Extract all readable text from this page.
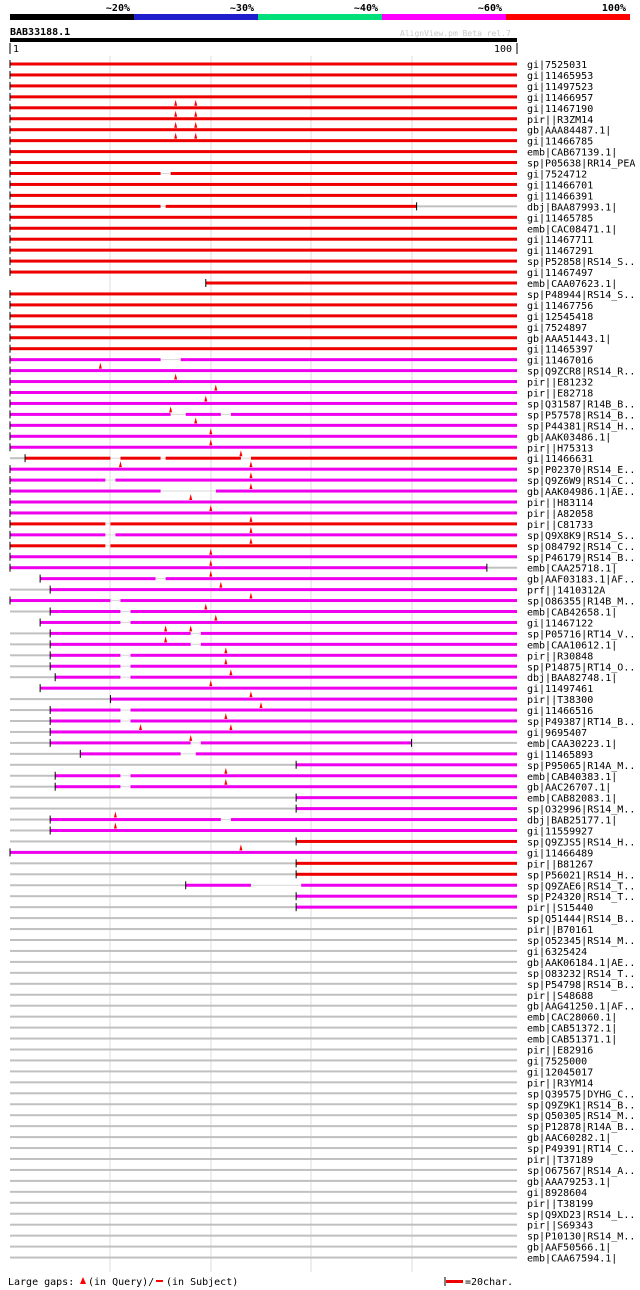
~20%	~30%	~40%	~60%	100%
BAB33188.1	AlignView.pm Beta rel.7
1	100
gi|7525031
gi|11465953
gi|11497523
gi|11466957
gi|11467190
pir||R3ZM14
gb|AAA84487.1|
gi|11466785
emb|CAB67139.1|
sp|P05638|RR14_PEA
gi|7524712
gi|11466701
gi|11466391
dbj|BAA87993.1|
gi|11465785
emb|CAC08471.1|
gi|11467711
gi|11467291
sp|P52858|RS14_S..
gi|11467497
emb|CAA07623.1|
sp|P48944|RS14_S..
gi|11467756
gi|12545418
gi|7524897
gb|AAA51443.1|
gi|11465397
gi|11467016
sp|Q9ZCR8|RS14_R..
pir||E81232
pir||E82718
sp|Q31587|R14B_B..
sp|P57578|RS14_B..
sp|P44381|RS14_H..
gb|AAK03486.1|
pir||H75313
gi|11466631
sp|P02370|RS14_E..
sp|Q9Z6W9|RS14_C..
gb|AAK04986.1|AE..
pir||H83114
pir||A82058
pir||C81733
sp|Q9X8K9|RS14_S..
sp|O84792|RS14_C..
sp|P46179|RS14_B..
emb|CAA25718.1|
gb|AAF03183.1|AF..
prf||1410312A
sp|O86355|R14B_M..
emb|CAB42658.1|
gi|11467122
sp|P05716|RT14_V..
emb|CAA10612.1|
pir||R30848
sp|P14875|RT14_O..
dbj|BAA82748.1|
gi|11497461
pir||T38300
gi|11466516
sp|P49387|RT14_B..
gi|9695407
emb|CAA30223.1|
gi|11465893
sp|P95065|R14A_M..
emb|CAB40383.1|
gb|AAC26707.1|
emb|CAB82083.1|
sp|O32996|RS14_M..
dbj|BAB25177.1|
gi|11559927
sp|Q9ZJS5|RS14_H..
gi|11466489
pir||B81267
sp|P56021|RS14_H..
sp|Q9ZAE6|RS14_T..
sp|P24320|RS14_T..
pir||S15440
sp|Q51444|RS14_B..
pir||B70161
sp|O52345|RS14_M..
gi|6325424
gb|AAK06184.1|AE..
sp|O83232|RS14_T..
sp|P54798|RS14_B..
pir||S48688
gb|AAG41250.1|AF..
emb|CAC28060.1|
emb|CAB51372.1|
emb|CAB51371.1|
pir||E82916
gi|7525000
gi|12045017
pir||R3YM14
sp|Q39575|DYHG_C..
sp|Q9Z9K1|RS14_B..
sp|Q50305|RS14_M..
sp|P12878|R14A_B..
gb|AAC60282.1|
sp|P49391|RT14_C..
pir||T37189
sp|O67567|RS14_A..
gb|AAA79253.1|
gi|8928604
pir||T38199
sp|Q9XD23|RS14_L..
pir||S69343
sp|P10130|RS14_M..
gb|AAF50566.1|
emb|CAA67594.1|
Large gaps: (in Query)/ (in Subject)	=20char.
